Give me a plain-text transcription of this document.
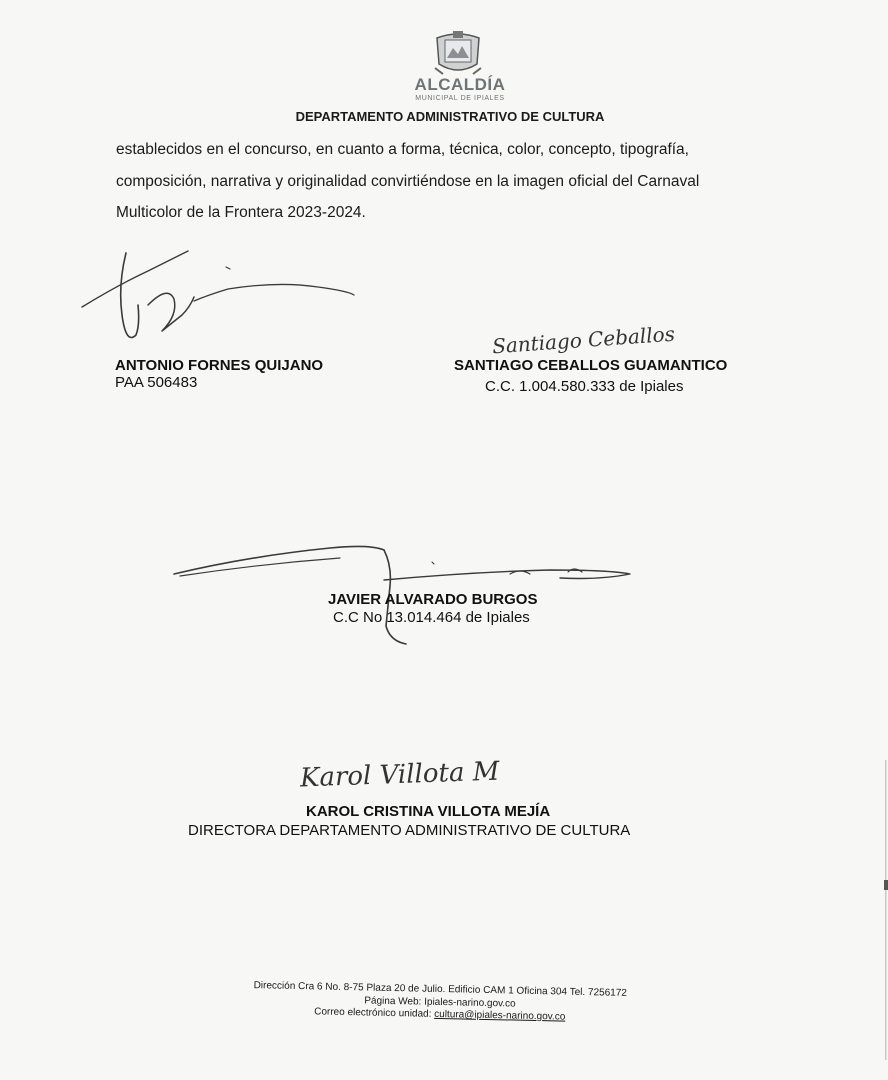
ALCALDÍA
MUNICIPAL DE IPIALES
DEPARTAMENTO ADMINISTRATIVO DE CULTURA
establecidos en el concurso, en cuanto a forma, técnica, color, concepto, tipografía,
composición, narrativa y originalidad convirtiéndose en la imagen oficial del Carnaval
Multicolor de la Frontera 2023-2024.
ANTONIO FORNES QUIJANO
PAA 506483
Santiago Ceballos
SANTIAGO CEBALLOS GUAMANTICO
C.C. 1.004.580.333 de Ipiales
JAVIER ALVARADO BURGOS
C.C No 13.014.464 de Ipiales
Karol Villota M
KAROL CRISTINA VILLOTA MEJÍA
DIRECTORA DEPARTAMENTO ADMINISTRATIVO DE CULTURA
Dirección Cra 6 No. 8-75 Plaza 20 de Julio. Edificio CAM 1 Oficina 304 Tel. 7256172
Página Web: Ipiales-narino.gov.co
Correo electrónico unidad: cultura@ipiales-narino.gov.co
